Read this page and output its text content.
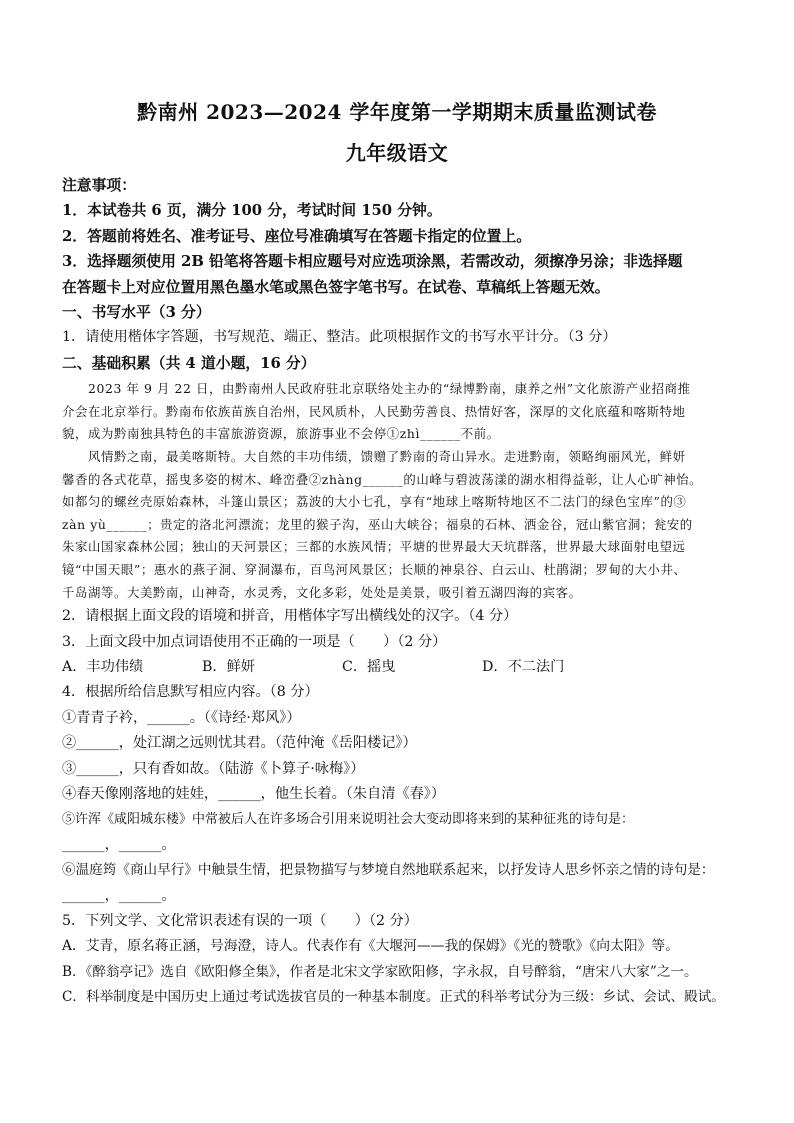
黔南州 2023—2024 学年度第一学期期末质量监测试卷
九年级语文
注意事项：
1．本试卷共 6 页，满分 100 分，考试时间 150 分钟。
2．答题前将姓名、准考证号、座位号准确填写在答题卡指定的位置上。
3．选择题须使用 2B 铅笔将答题卡相应题号对应选项涂黑，若需改动，须擦净另涂；非选择题
在答题卡上对应位置用黑色墨水笔或黑色签字笔书写。在试卷、草稿纸上答题无效。
一、书写水平（3 分）
1．请使用楷体字答题，书写规范、端正、整洁。此项根据作文的书写水平计分。（3 分）
二、基础积累（共 4 道小题，16 分）
2023 年 9 月 22 日，由黔南州人民政府驻北京联络处主办的“绿博黔南，康养之州”文化旅游产业招商推
介会在北京举行。黔南布依族苗族自治州，民风质朴，人民勤劳善良、热情好客，深厚的文化底蕴和喀斯特地
貌，成为黔南独具特色的丰富旅游资源，旅游事业不会停①zhì______不前。
风情黔之南，最美喀斯特。大自然的丰功伟绩，馈赠了黔南的奇山异水。走进黔南，领略绚丽风光，鲜妍
馨香的各式花草，摇曳多姿的树木、峰峦叠②zhàng______的山峰与碧波荡漾的湖水相得益彰，让人心旷神怡。
如都匀的螺丝壳原始森林，斗篷山景区；荔波的大小七孔，享有“地球上喀斯特地区不二法门的绿色宝库”的③
zàn yù______；贵定的洛北河漂流；龙里的猴子沟，巫山大峡谷；福泉的石林、洒金谷，冠山紫官洞；瓮安的
朱家山国家森林公园；独山的天河景区；三都的水族风情；平塘的世界最大天坑群落，世界最大球面射电望远
镜“中国天眼”；惠水的燕子洞、穿洞瀑布，百鸟河风景区；长顺的神泉谷、白云山、杜鹃湖；罗甸的大小井、
千岛湖等。大美黔南，山神奇，水灵秀，文化多彩，处处是美景，吸引着五湖四海的宾客。
2．请根据上面文段的语境和拼音，用楷体字写出横线处的汉字。（4 分）
3．上面文段中加点词语使用不正确的一项是（　　）（2 分）
A．丰功伟绩	B．鲜妍	C．摇曳	D．不二法门
4．根据所给信息默写相应内容。（8 分）
①青青子衿，______。（《诗经·郑风》）
②______，处江湖之远则忧其君。（范仲淹《岳阳楼记》）
③______，只有香如故。（陆游《卜算子·咏梅》）
④春天像刚落地的娃娃，______，他生长着。（朱自清《春》）
⑤许浑《咸阳城东楼》中常被后人在许多场合引用来说明社会大变动即将来到的某种征兆的诗句是：
______，______。
⑥温庭筠《商山早行》中触景生情，把景物描写与梦境自然地联系起来，以抒发诗人思乡怀亲之情的诗句是：
______，______。
5．下列文学、文化常识表述有误的一项（　　）（2 分）
A．艾青，原名蒋正涵，号海澄，诗人。代表作有《大堰河——我的保姆》《光的赞歌》《向太阳》等。
B．《醉翁亭记》选自《欧阳修全集》，作者是北宋文学家欧阳修，字永叔，自号醉翁，“唐宋八大家”之一。
C．科举制度是中国历史上通过考试选拔官员的一种基本制度。正式的科举考试分为三级：乡试、会试、殿试。
